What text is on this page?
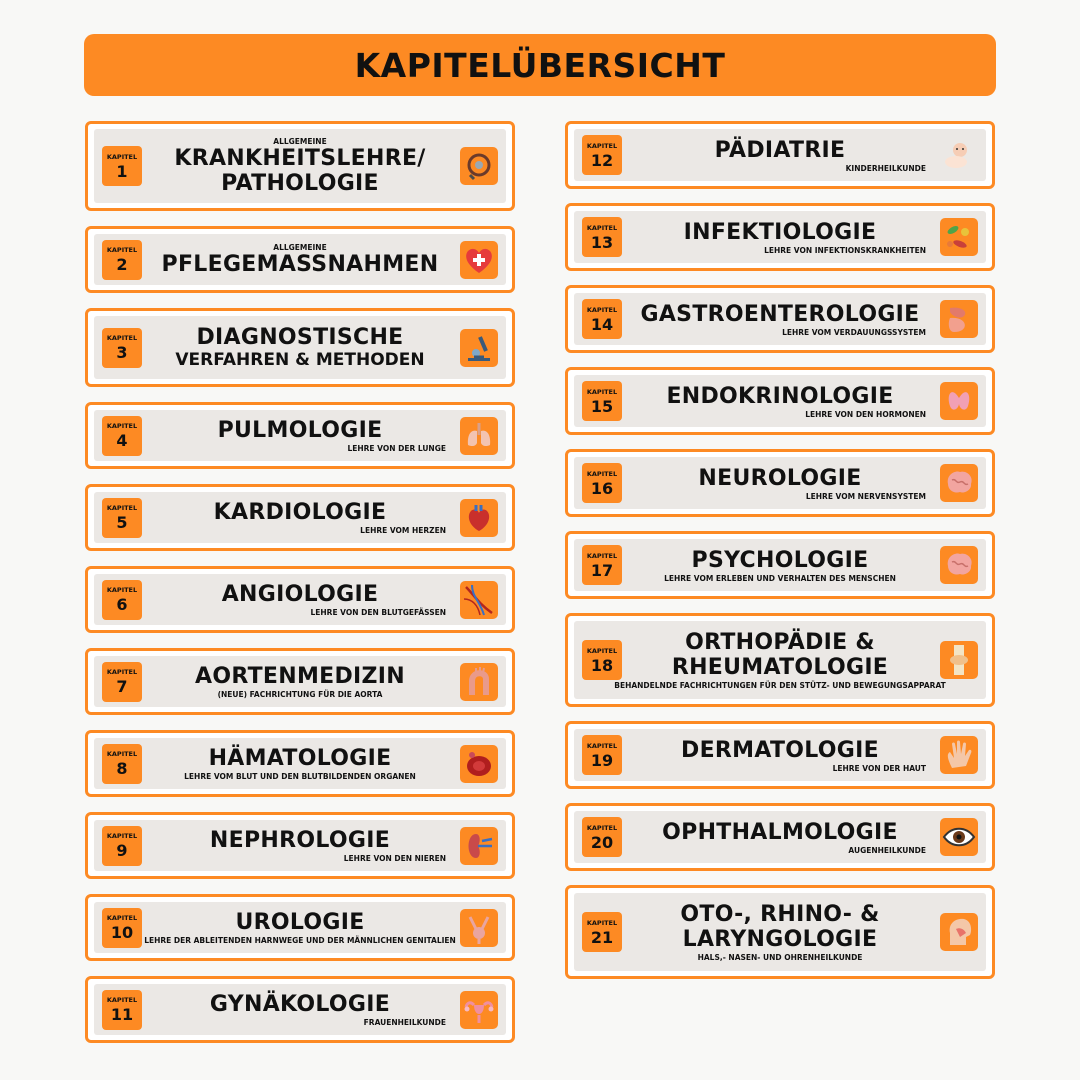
KAPITELÜBERSICHT
KAPITEL
1
ALLGEMEINE
KRANKHEITSLEHRE/
PATHOLOGIE
KAPITEL
2
ALLGEMEINE
PFLEGEMASSNAHMEN
KAPITEL
3
DIAGNOSTISCHE
VERFAHREN & METHODEN
KAPITEL
4	PULMOLOGIE
LEHRE VON DER LUNGE
KAPITEL
5	KARDIOLOGIE
LEHRE VOM HERZEN
KAPITEL
6	ANGIOLOGIE
LEHRE VON DEN BLUTGEFÄSSEN
KAPITEL
7	AORTENMEDIZIN
(NEUE) FACHRICHTUNG FÜR DIE AORTA
KAPITEL
8	HÄMATOLOGIE
LEHRE VOM BLUT UND DEN BLUTBILDENDEN ORGANEN
KAPITEL
9	NEPHROLOGIE
LEHRE VON DEN NIEREN
KAPITEL
10	UROLOGIE
LEHRE DER ABLEITENDEN HARNWEGE UND DER MÄNNLICHEN GENITALIEN
KAPITEL
11	GYNÄKOLOGIE
FRAUENHEILKUNDE
KAPITEL
12	PÄDIATRIE
KINDERHEILKUNDE
KAPITEL
13	INFEKTIOLOGIE
LEHRE VON INFEKTIONSKRANKHEITEN
KAPITEL
14 GASTROENTEROLOGIE
LEHRE VOM VERDAUUNGSSYSTEM
KAPITEL
15 ENDOKRINOLOGIE
LEHRE VON DEN HORMONEN
KAPITEL
16	NEUROLOGIE
LEHRE VOM NERVENSYSTEM
KAPITEL
17	PSYCHOLOGIE
LEHRE VOM ERLEBEN UND VERHALTEN DES MENSCHEN
KAPITEL
18
ORTHOPÄDIE &
RHEUMATOLOGIE
BEHANDELNDE FACHRICHTUNGEN FÜR DEN STÜTZ- UND BEWEGUNGSAPPARAT
KAPITEL
19	DERMATOLOGIE
LEHRE VON DER HAUT
KAPITEL
20 OPHTHALMOLOGIE
AUGENHEILKUNDE
KAPITEL
21
OTO-, RHINO- &
LARYNGOLOGIE
HALS,- NASEN- UND OHRENHEILKUNDE
